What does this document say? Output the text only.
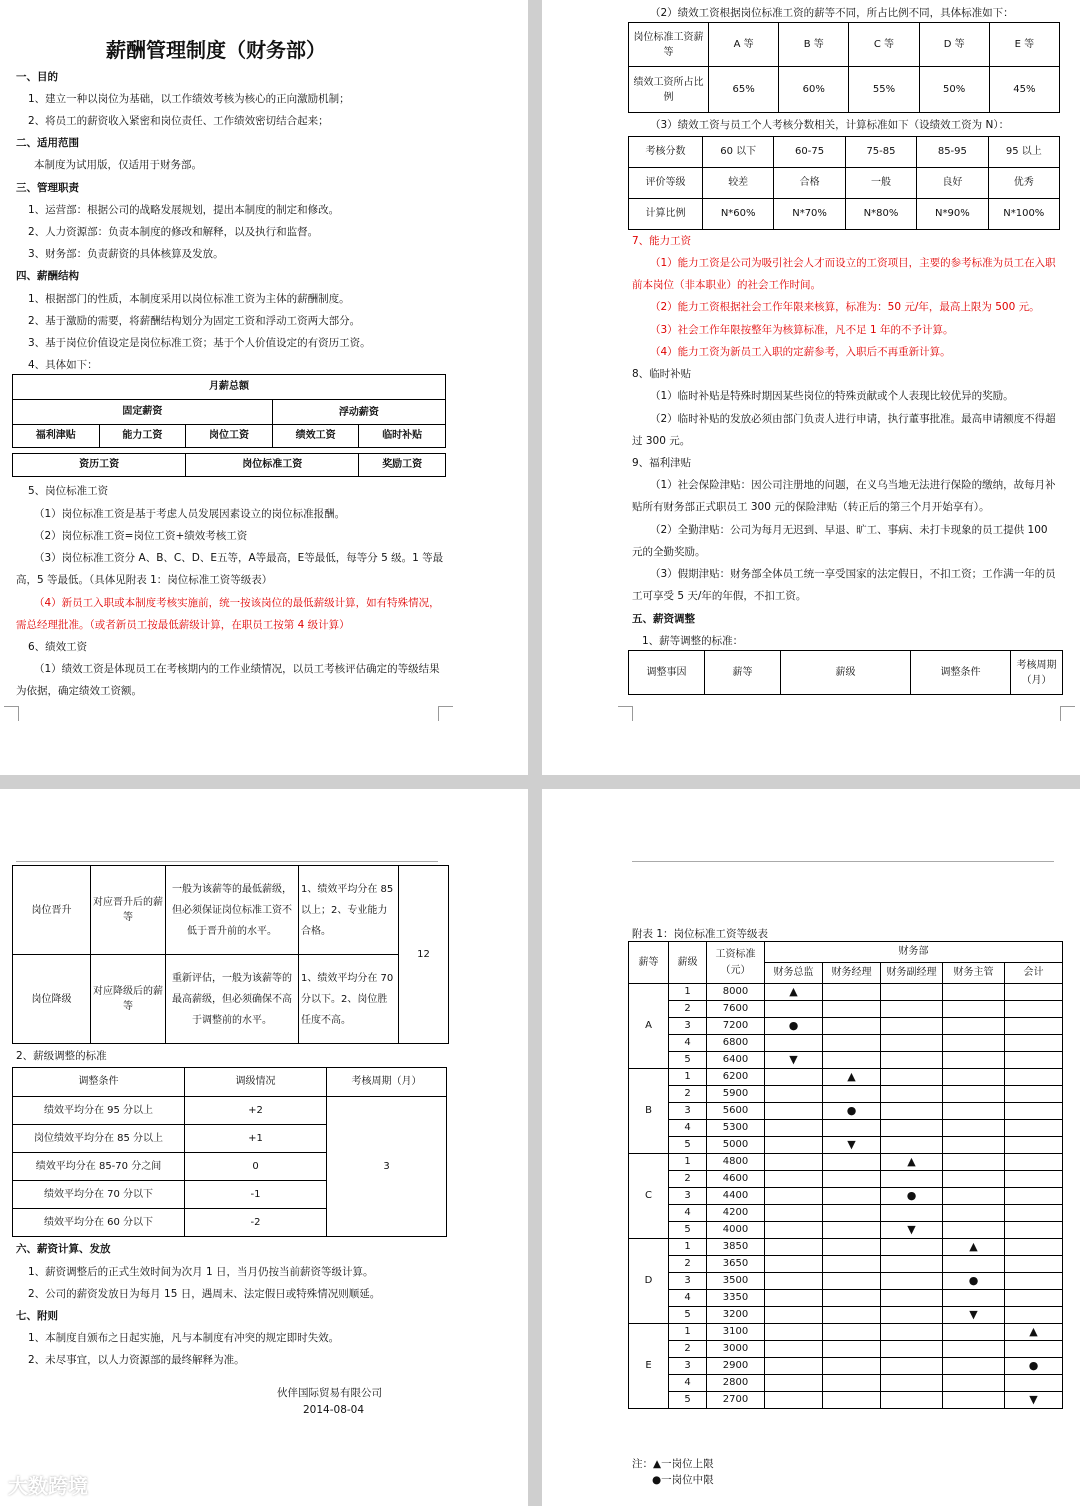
薪酬管理制度（财务部）
一、目的
1、建立一种以岗位为基础，以工作绩效考核为核心的正向激励机制；
2、将员工的薪资收入紧密和岗位责任、工作绩效密切结合起来；
二、适用范围
本制度为试用版，仅适用于财务部。
三、管理职责
1、运营部：根据公司的战略发展规划，提出本制度的制定和修改。
2、人力资源部：负责本制度的修改和解释，以及执行和监督。
3、财务部：负责薪资的具体核算及发放。
四、薪酬结构
1、根据部门的性质，本制度采用以岗位标准工资为主体的薪酬制度。
2、基于激励的需要，将薪酬结构划分为固定工资和浮动工资两大部分。
3、基于岗位价值设定是岗位标准工资；基于个人价值设定的有资历工资。
4、具体如下：
5、岗位标准工资
（1）岗位标准工资是基于考虑人员发展因素设立的岗位标准报酬。
（2）岗位标准工资=岗位工资+绩效考核工资
（3）岗位标准工资分 A、B、C、D、E五等，A等最高，E等最低，每等分 5 级。1 等最
高，5 等最低。（具体见附表 1：岗位标准工资等级表）
（4）新员工入职或本制度考核实施前，统一按该岗位的最低薪级计算，如有特殊情况，
需总经理批准。（或者新员工按最低薪级计算，在职员工按第 4 级计算）
6、绩效工资
（1）绩效工资是体现员工在考核期内的工作业绩情况，以员工考核评估确定的等级结果
为依据，确定绩效工资额。
月薪总额				
固定薪资			浮动薪资	
福利津贴	能力工资	岗位工资	绩效工资	临时补贴
资历工资	岗位标准工资	奖励工资
（2）绩效工资根据岗位标准工资的薪等不同，所占比例不同，具体标准如下：
（3）绩效工资与员工个人考核分数相关，计算标准如下（设绩效工资为 N）：
7、能力工资
（1）能力工资是公司为吸引社会人才而设立的工资项目，主要的参考标准为员工在入职
前本岗位（非本职业）的社会工作时间。
（2）能力工资根据社会工作年限来核算，标准为：50 元/年，最高上限为 500 元。
（3）社会工作年限按整年为核算标准，凡不足 1 年的不予计算。
（4）能力工资为新员工入职的定薪参考，入职后不再重新计算。
8、临时补贴
（1）临时补贴是特殊时期因某些岗位的特殊贡献或个人表现比较优异的奖励。
（2）临时补贴的发放必须由部门负责人进行申请，执行董事批准。最高申请额度不得超
过 300 元。
9、福利津贴
（1）社会保险津贴：因公司注册地的问题，在义乌当地无法进行保险的缴纳，故每月补
贴所有财务部正式职员工 300 元的保险津贴（转正后的第三个月开始享有）。
（2）全勤津贴：公司为每月无迟到、早退、旷工、事病、未打卡现象的员工提供 100
元的全勤奖励。
（3）假期津贴：财务部全体员工统一享受国家的法定假日，不扣工资；工作满一年的员
工可享受 5 天/年的年假，不扣工资。
五、薪资调整
1、薪等调整的标准：
岗位标准工资薪等	A 等	B 等	C 等	D 等	E 等
绩效工资所占比例	65%	60%	55%	50%	45%
考核分数	60 以下	60-75	75-85	85-95	95 以上
评价等级	较差	合格	一般	良好	优秀
计算比例	N*60%	N*70%	N*80%	N*90%	N*100%
调整事因	薪等	薪级	调整条件	考核周期（月）
岗位晋升	对应晋升后的薪等	一般为该薪等的最低薪级，但必须保证岗位标准工资不低于晋升前的水平。	1、绩效平均分在 85 以上；2、专业能力合格。	12
岗位降级	对应降级后的薪等	重新评估，一般为该薪等的最高薪级，但必须确保不高于调整前的水平。	1、绩效平均分在 70 分以下。2、岗位胜任度不高。	
2、薪级调整的标准
调整条件	调级情况	考核周期（月）
绩效平均分在 95 分以上	+2	3
岗位绩效平均分在 85 分以上	+1	
绩效平均分在 85-70 分之间	0	
绩效平均分在 70 分以下	-1	
绩效平均分在 60 分以下	-2	
六、薪资计算、发放
1、薪资调整后的正式生效时间为次月 1 日，当月仍按当前薪资等级计算。
2、公司的薪资发放日为每月 15 日，遇周末、法定假日或特殊情况则顺延。
七、附则
1、本制度自颁布之日起实施，凡与本制度有冲突的规定即时失效。
2、未尽事宜，以人力资源部的最终解释为准。
伙伴国际贸易有限公司
2014-08-04
附表 1：岗位标准工资等级表
薪等	薪级	工资标准（元）	财务部				
			财务总监	财务经理	财务副经理	财务主管	会计
A	1	8000	▲				
	2	7600					
	3	7200	●				
	4	6800					
	5	6400	▼				
B	1	6200		▲			
	2	5900					
	3	5600		●			
	4	5300					
	5	5000		▼			
C	1	4800			▲		
	2	4600					
	3	4400			●		
	4	4200					
	5	4000			▼		
D	1	3850				▲	
	2	3650					
	3	3500				●	
	4	3350					
	5	3200				▼	
E	1	3100					▲
	2	3000					
	3	2900					●
	4	2800					
	5	2700					▼
注：▲一岗位上限
●一岗位中限
大数跨境
